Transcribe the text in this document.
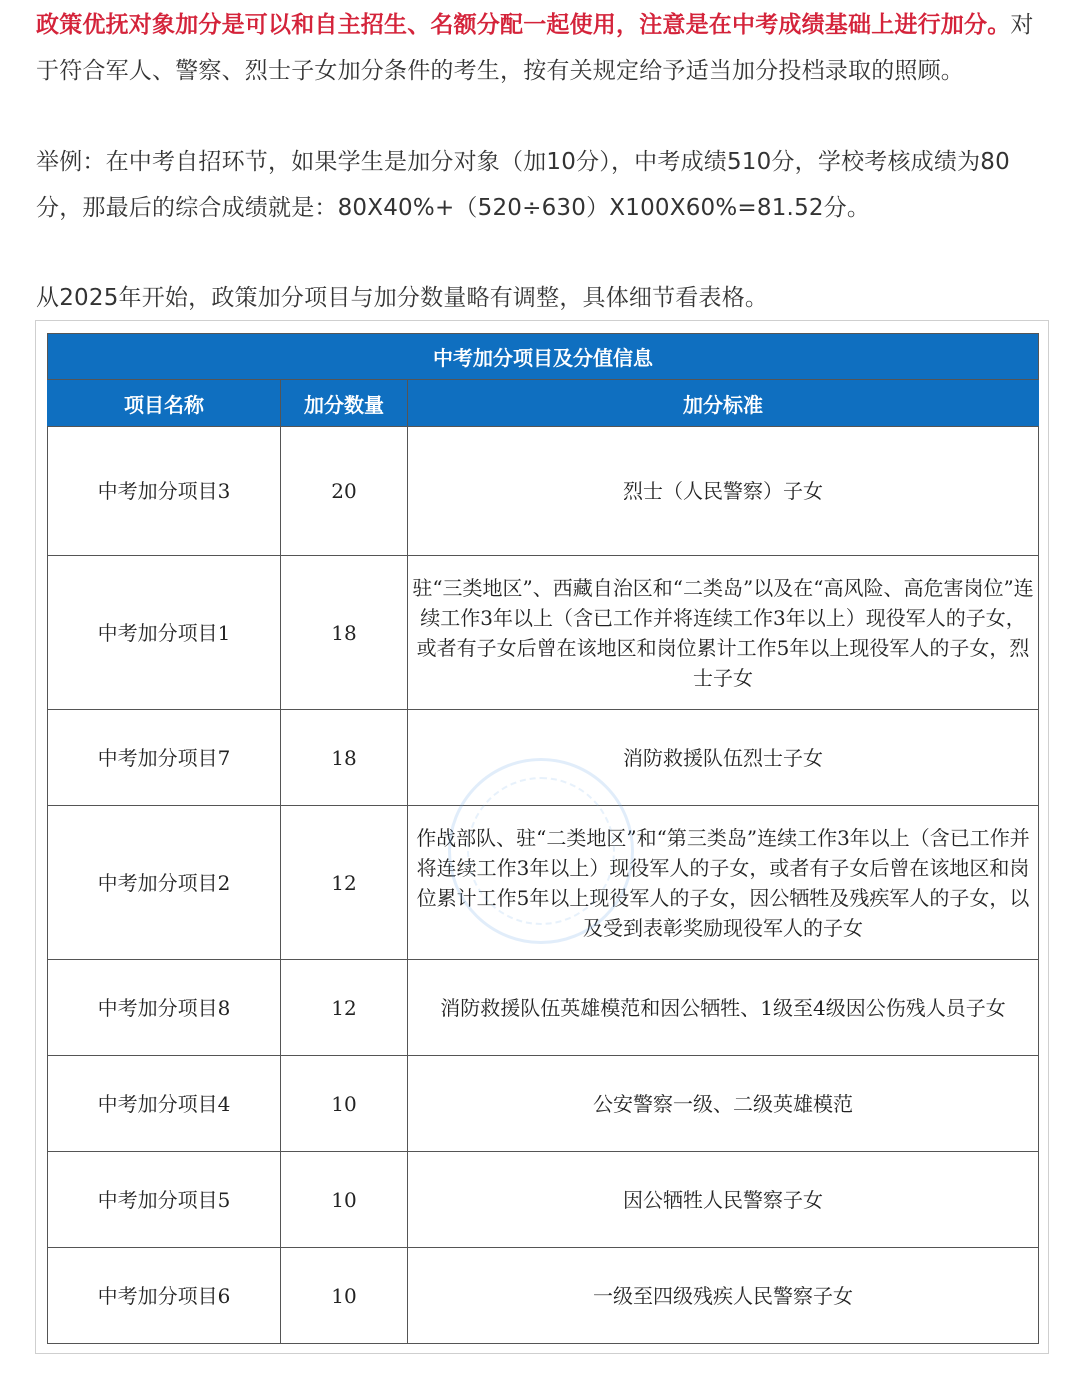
政策优抚对象加分是可以和自主招生、名额分配一起使用，注意是在中考成绩基础上进行加分。对于符合军人、警察、烈士子女加分条件的考生，按有关规定给予适当加分投档录取的照顾。

举例：在中考自招环节，如果学生是加分对象（加10分），中考成绩510分，学校考核成绩为80分，那最后的综合成绩就是：80X40%+（520÷630）X100X60%=81.52分。

从2025年开始，政策加分项目与加分数量略有调整，具体细节看表格。

中考加分项目及分值信息		
项目名称	加分数量	加分标准
中考加分项目3	20	烈士（人民警察）子女
中考加分项目1	18	驻“三类地区”、西藏自治区和“二类岛”以及在“高风险、高危害岗位”连续工作3年以上（含已工作并将连续工作3年以上）现役军人的子女，或者有子女后曾在该地区和岗位累计工作5年以上现役军人的子女，烈士子女
中考加分项目7	18	消防救援队伍烈士子女
中考加分项目2	12	作战部队、驻“二类地区”和“第三类岛”连续工作3年以上（含已工作并将连续工作3年以上）现役军人的子女，或者有子女后曾在该地区和岗位累计工作5年以上现役军人的子女，因公牺牲及残疾军人的子女，以及受到表彰奖励现役军人的子女
中考加分项目8	12	消防救援队伍英雄模范和因公牺牲、1级至4级因公伤残人员子女
中考加分项目4	10	公安警察一级、二级英雄模范
中考加分项目5	10	因公牺牲人民警察子女
中考加分项目6	10	一级至四级残疾人民警察子女
